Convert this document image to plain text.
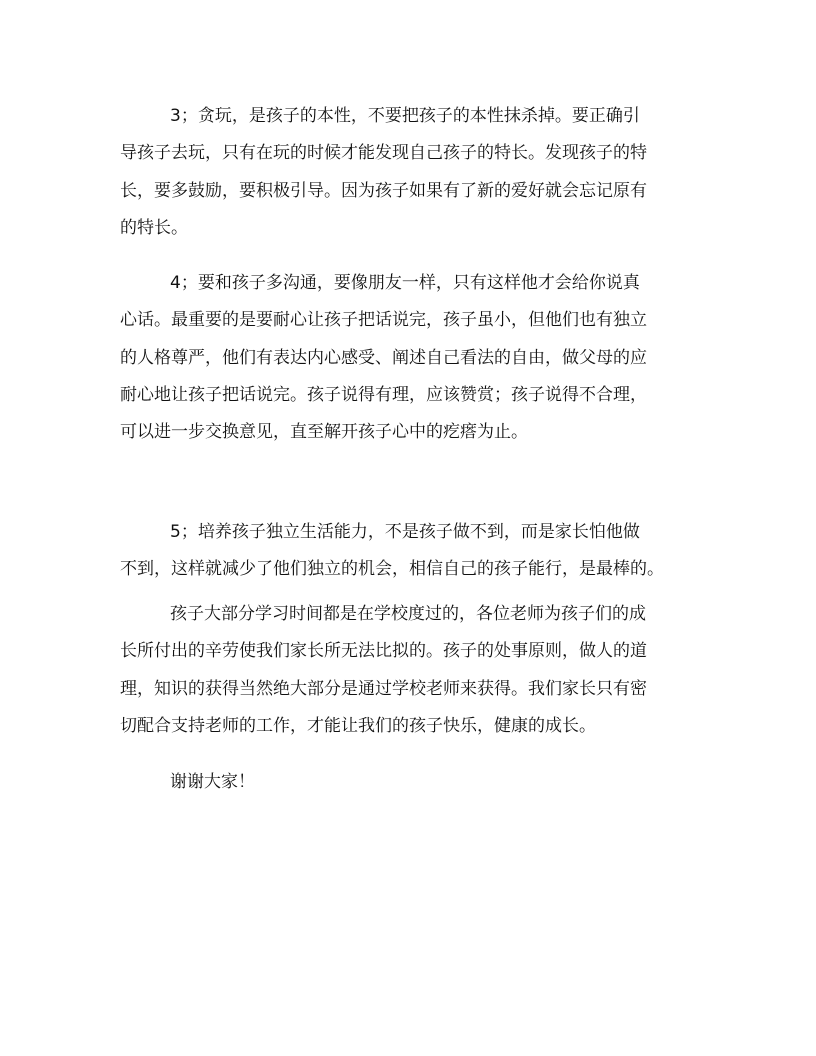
3；贪玩，是孩子的本性，不要把孩子的本性抹杀掉。要正确引
导孩子去玩，只有在玩的时候才能发现自己孩子的特长。发现孩子的特
长，要多鼓励，要积极引导。因为孩子如果有了新的爱好就会忘记原有
的特长。
4；要和孩子多沟通，要像朋友一样，只有这样他才会给你说真
心话。最重要的是要耐心让孩子把话说完，孩子虽小，但他们也有独立
的人格尊严，他们有表达内心感受、阐述自己看法的自由，做父母的应
耐心地让孩子把话说完。孩子说得有理，应该赞赏；孩子说得不合理，
可以进一步交换意见，直至解开孩子心中的疙瘩为止。
5；培养孩子独立生活能力，不是孩子做不到，而是家长怕他做
不到，这样就减少了他们独立的机会，相信自己的孩子能行，是最棒的。
孩子大部分学习时间都是在学校度过的，各位老师为孩子们的成
长所付出的辛劳使我们家长所无法比拟的。孩子的处事原则，做人的道
理，知识的获得当然绝大部分是通过学校老师来获得。我们家长只有密
切配合支持老师的工作，才能让我们的孩子快乐，健康的成长。
谢谢大家！
